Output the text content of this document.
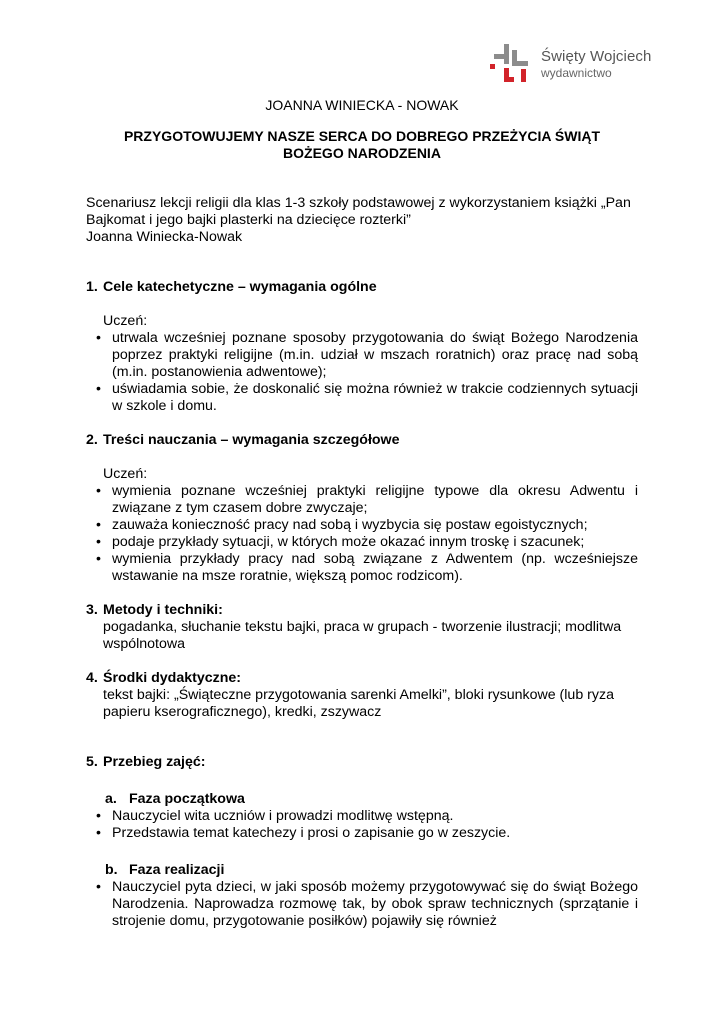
Święty Wojciech
wydawnictwo

JOANNA WINIECKA - NOWAK

PRZYGOTOWUJEMY NASZE SERCA DO DOBREGO PRZEŻYCIA ŚWIĄT
BOŻEGO NARODZENIA

Scenariusz lekcji religii dla klas 1-3 szkoły podstawowej z wykorzystaniem książki „Pan Bajkomat i jego bajki plasterki na dziecięce rozterki”

Joanna Winiecka-Nowak

1. Cele katechetyczne – wymagania ogólne
Uczeń:
• utrwala wcześniej poznane sposoby przygotowania do świąt Bożego Narodzenia poprzez praktyki religijne (m.in. udział w mszach roratnich) oraz pracę nad sobą (m.in. postanowienia adwentowe);
• uświadamia sobie, że doskonalić się można również w trakcie codziennych sytuacji w szkole i domu.
2. Treści nauczania – wymagania szczegółowe
Uczeń:
• wymienia poznane wcześniej praktyki religijne typowe dla okresu Adwentu i związane z tym czasem dobre zwyczaje;
• zauważa konieczność pracy nad sobą i wyzbycia się postaw egoistycznych;
• podaje przykłady sytuacji, w których może okazać innym troskę i szacunek;
• wymienia przykłady pracy nad sobą związane z Adwentem (np. wcześniejsze wstawanie na msze roratnie, większą pomoc rodzicom).
3. Metody i techniki:
pogadanka, słuchanie tekstu bajki, praca w grupach - tworzenie ilustracji; modlitwa wspólnotowa
4. Środki dydaktyczne:
tekst bajki: „Świąteczne przygotowania sarenki Amelki”, bloki rysunkowe (lub ryza papieru kserograficznego), kredki, zszywacz
5. Przebieg zajęć:
a. Faza początkowa
• Nauczyciel wita uczniów i prowadzi modlitwę wstępną.
• Przedstawia temat katechezy i prosi o zapisanie go w zeszycie.
b. Faza realizacji
• Nauczyciel pyta dzieci, w jaki sposób możemy przygotowywać się do świąt Bożego Narodzenia. Naprowadza rozmowę tak, by obok spraw technicznych (sprzątanie i strojenie domu, przygotowanie posiłków) pojawiły się również
